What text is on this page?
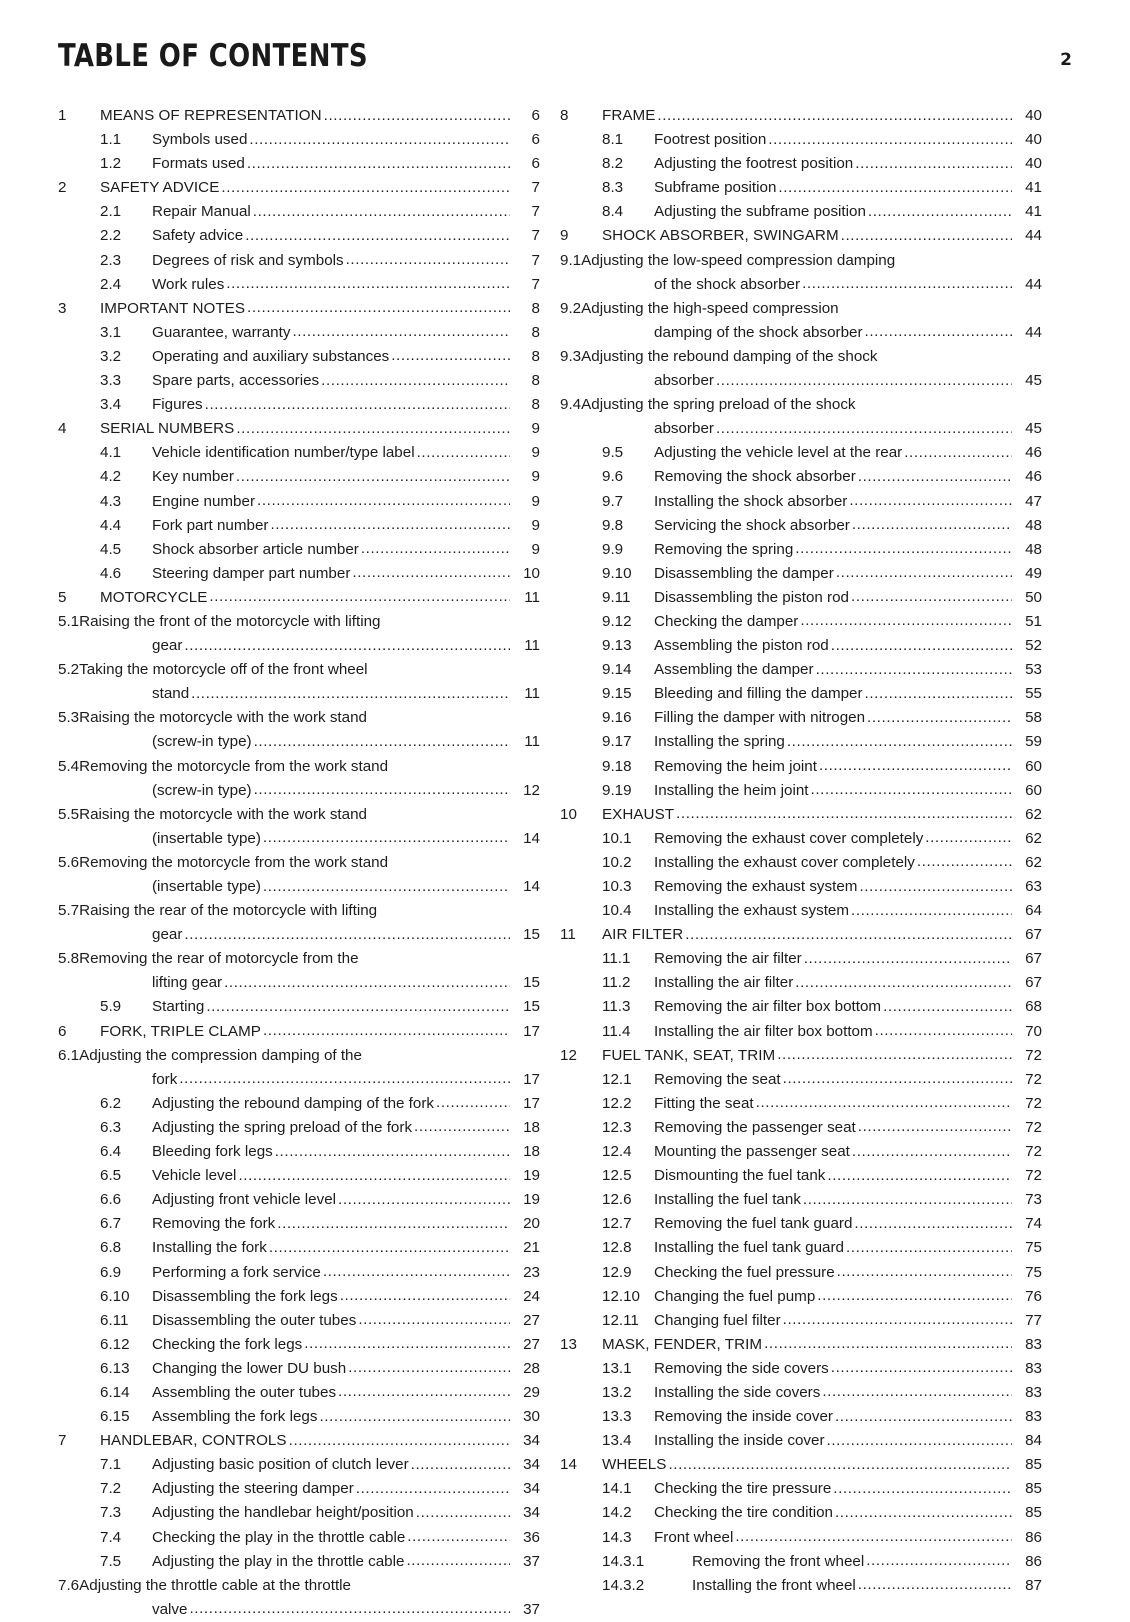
TABLE OF CONTENTS	2
1	MEANS OF REPRESENTATION .....	6
1.1	Symbols used .....	6
1.2	Formats used .....	6
2	SAFETY ADVICE .....	7
2.1	Repair Manual .....	7
2.2	Safety advice .....	7
2.3	Degrees of risk and symbols .....	7
2.4	Work rules .....	7
3	IMPORTANT NOTES .....	8
3.1	Guarantee, warranty .....	8
3.2	Operating and auxiliary substances .....	8
3.3	Spare parts, accessories .....	8
3.4	Figures .....	8
4	SERIAL NUMBERS .....	9
4.1	Vehicle identification number/type label .....	9
4.2	Key number .....	9
4.3	Engine number .....	9
4.4	Fork part number .....	9
4.5	Shock absorber article number .....	9
4.6	Steering damper part number .....	10
5	MOTORCYCLE .....	11
5.1 Raising the front of the motorcycle with lifting
gear .....	11
5.2 Taking the motorcycle off of the front wheel
stand .....	11
5.3 Raising the motorcycle with the work stand
(screw-in type) .....	11
5.4 Removing the motorcycle from the work stand
(screw-in type) .....	12
5.5 Raising the motorcycle with the work stand
(insertable type) .....	14
5.6 Removing the motorcycle from the work stand
(insertable type) .....	14
5.7 Raising the rear of the motorcycle with lifting
gear .....	15
5.8 Removing the rear of motorcycle from the
lifting gear .....	15
5.9	Starting .....	15
6	FORK, TRIPLE CLAMP .....	17
6.1 Adjusting the compression damping of the
fork .....	17
6.2	Adjusting the rebound damping of the fork .....	17
6.3	Adjusting the spring preload of the fork .....	18
6.4	Bleeding fork legs .....	18
6.5	Vehicle level .....	19
6.6	Adjusting front vehicle level .....	19
6.7	Removing the fork .....	20
6.8	Installing the fork .....	21
6.9	Performing a fork service .....	23
6.10	Disassembling the fork legs .....	24
6.11	Disassembling the outer tubes .....	27
6.12	Checking the fork legs .....	27
6.13	Changing the lower DU bush .....	28
6.14	Assembling the outer tubes .....	29
6.15	Assembling the fork legs .....	30
7	HANDLEBAR, CONTROLS .....	34
7.1	Adjusting basic position of clutch lever .....	34
7.2	Adjusting the steering damper .....	34
7.3	Adjusting the handlebar height/position .....	34
7.4	Checking the play in the throttle cable .....	36
7.5	Adjusting the play in the throttle cable .....	37
7.6 Adjusting the throttle cable at the throttle
valve .....	37
8	FRAME .....	40
8.1	Footrest position .....	40
8.2	Adjusting the footrest position .....	40
8.3	Subframe position .....	41
8.4	Adjusting the subframe position .....	41
9	SHOCK ABSORBER, SWINGARM .....	44
9.1 Adjusting the low-speed compression damping
of the shock absorber .....	44
9.2 Adjusting the high-speed compression
damping of the shock absorber .....	44
9.3 Adjusting the rebound damping of the shock
absorber .....	45
9.4 Adjusting the spring preload of the shock
absorber .....	45
9.5	Adjusting the vehicle level at the rear .....	46
9.6	Removing the shock absorber .....	46
9.7	Installing the shock absorber .....	47
9.8	Servicing the shock absorber .....	48
9.9	Removing the spring .....	48
9.10	Disassembling the damper .....	49
9.11	Disassembling the piston rod .....	50
9.12	Checking the damper .....	51
9.13	Assembling the piston rod .....	52
9.14	Assembling the damper .....	53
9.15	Bleeding and filling the damper .....	55
9.16	Filling the damper with nitrogen .....	58
9.17	Installing the spring .....	59
9.18	Removing the heim joint .....	60
9.19	Installing the heim joint .....	60
10	EXHAUST .....	62
10.1	Removing the exhaust cover completely .....	62
10.2	Installing the exhaust cover completely .....	62
10.3	Removing the exhaust system .....	63
10.4	Installing the exhaust system .....	64
11	AIR FILTER .....	67
11.1	Removing the air filter .....	67
11.2	Installing the air filter .....	67
11.3	Removing the air filter box bottom .....	68
11.4	Installing the air filter box bottom .....	70
12	FUEL TANK, SEAT, TRIM .....	72
12.1	Removing the seat .....	72
12.2	Fitting the seat .....	72
12.3	Removing the passenger seat .....	72
12.4	Mounting the passenger seat .....	72
12.5	Dismounting the fuel tank .....	72
12.6	Installing the fuel tank .....	73
12.7	Removing the fuel tank guard .....	74
12.8	Installing the fuel tank guard .....	75
12.9	Checking the fuel pressure .....	75
12.10 Changing the fuel pump .....	76
12.11 Changing fuel filter .....	77
13	MASK, FENDER, TRIM .....	83
13.1	Removing the side covers .....	83
13.2	Installing the side covers .....	83
13.3	Removing the inside cover .....	83
13.4	Installing the inside cover .....	84
14	WHEELS .....	85
14.1	Checking the tire pressure .....	85
14.2	Checking the tire condition .....	85
14.3	Front wheel .....	86
14.3.1	Removing the front wheel .....	86
14.3.2	Installing the front wheel .....	87
